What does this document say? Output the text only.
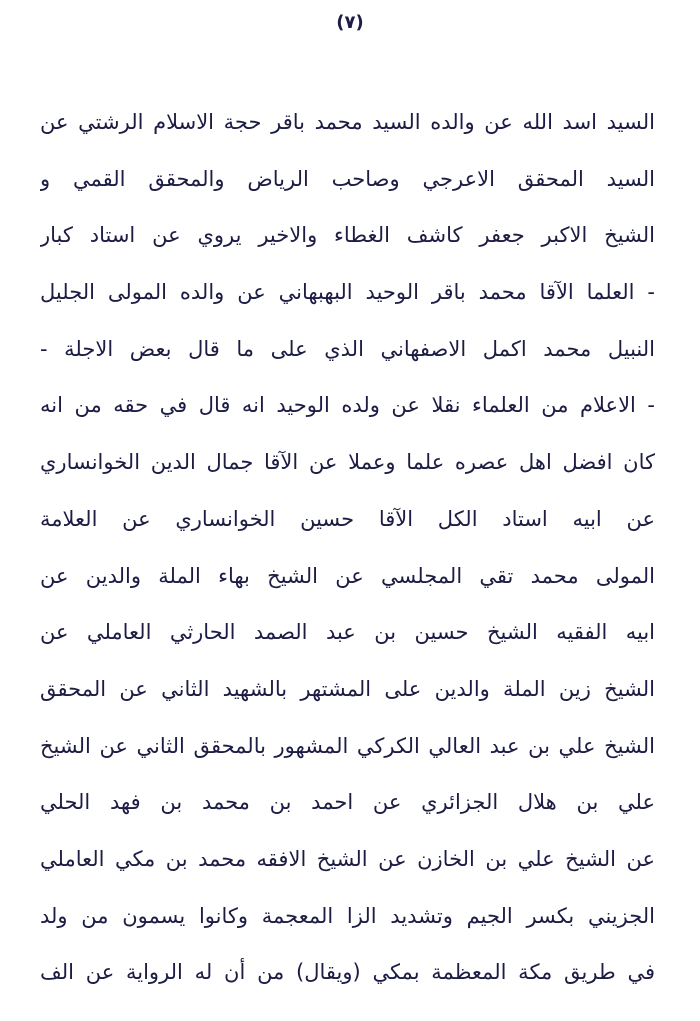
(٧)
السيد اسد الله عن والده السيد محمد باقر حجة الاسلام الرشتي عن
السيد المحقق الاعرجي وصاحب الرياض والمحقق القمي و
الشيخ الاكبر جعفر كاشف الغطاء والاخير يروي عن استاد كبار
- العلما الآقا محمد باقر الوحيد البهبهاني عن والده المولى الجليل
النبيل محمد اكمل الاصفهاني الذي على ما قال بعض الاجلة -
- الاعلام من العلماء نقلا عن ولده الوحيد انه قال في حقه من انه
كان افضل اهل عصره علما وعملا عن الآقا جمال الدين الخوانساري
عن ابيه استاد الكل الآقا حسين الخوانساري عن العلامة
المولى محمد تقي المجلسي عن الشيخ بهاء الملة والدين عن
ابيه الفقيه الشيخ حسين بن عبد الصمد الحارثي العاملي عن
الشيخ زين الملة والدين على المشتهر بالشهيد الثاني عن المحقق
الشيخ علي بن عبد العالي الكركي المشهور بالمحقق الثاني عن الشيخ
علي بن هلال الجزائري عن احمد بن محمد بن فهد الحلي
عن الشيخ علي بن الخازن عن الشيخ الافقه محمد بن مكي العاملي
الجزيني بكسر الجيم وتشديد الزا المعجمة وكانوا يسمون من ولد
في طريق مكة المعظمة بمكي (ويقال) من أن له الرواية عن الف
